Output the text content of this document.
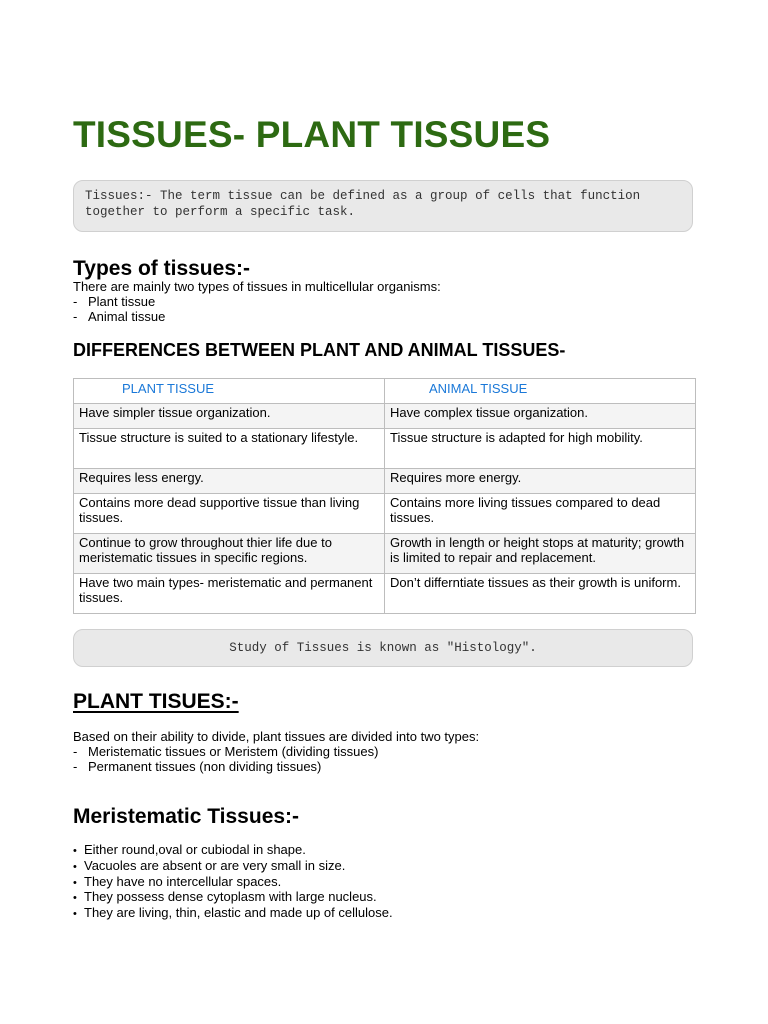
TISSUES- PLANT TISSUES
Tissues:- The term tissue can be defined as a group of cells that function
together to perform a specific task.
Types of tissues:-
There are mainly two types of tissues in multicellular organisms:
- Plant tissue
- Animal tissue
DIFFERENCES BETWEEN PLANT AND ANIMAL TISSUES-
PLANT TISSUE	ANIMAL TISSUE
Have simpler tissue organization.	Have complex tissue organization.
Tissue structure is suited to a stationary lifestyle.	Tissue structure is adapted for high mobility.
Requires less energy.	Requires more energy.
Contains more dead supportive tissue than living tissues.	Contains more living tissues compared to dead tissues.
Continue to grow throughout thier life due to meristematic tissues in specific regions.	Growth in length or height stops at maturity; growth is limited to repair and replacement.
Have two main types- meristematic and permanent tissues.	Don’t differntiate tissues as their growth is uniform.
Study of Tissues is known as "Histology".
PLANT TISUES:-
Based on their ability to divide, plant tissues are divided into two types:
- Meristematic tissues or Meristem (dividing tissues)
- Permanent tissues (non dividing tissues)
Meristematic Tissues:-
• Either round,oval or cubiodal in shape.
• Vacuoles are absent or are very small in size.
• They have no intercellular spaces.
• They possess dense cytoplasm with large nucleus.
• They are living, thin, elastic and made up of cellulose.
